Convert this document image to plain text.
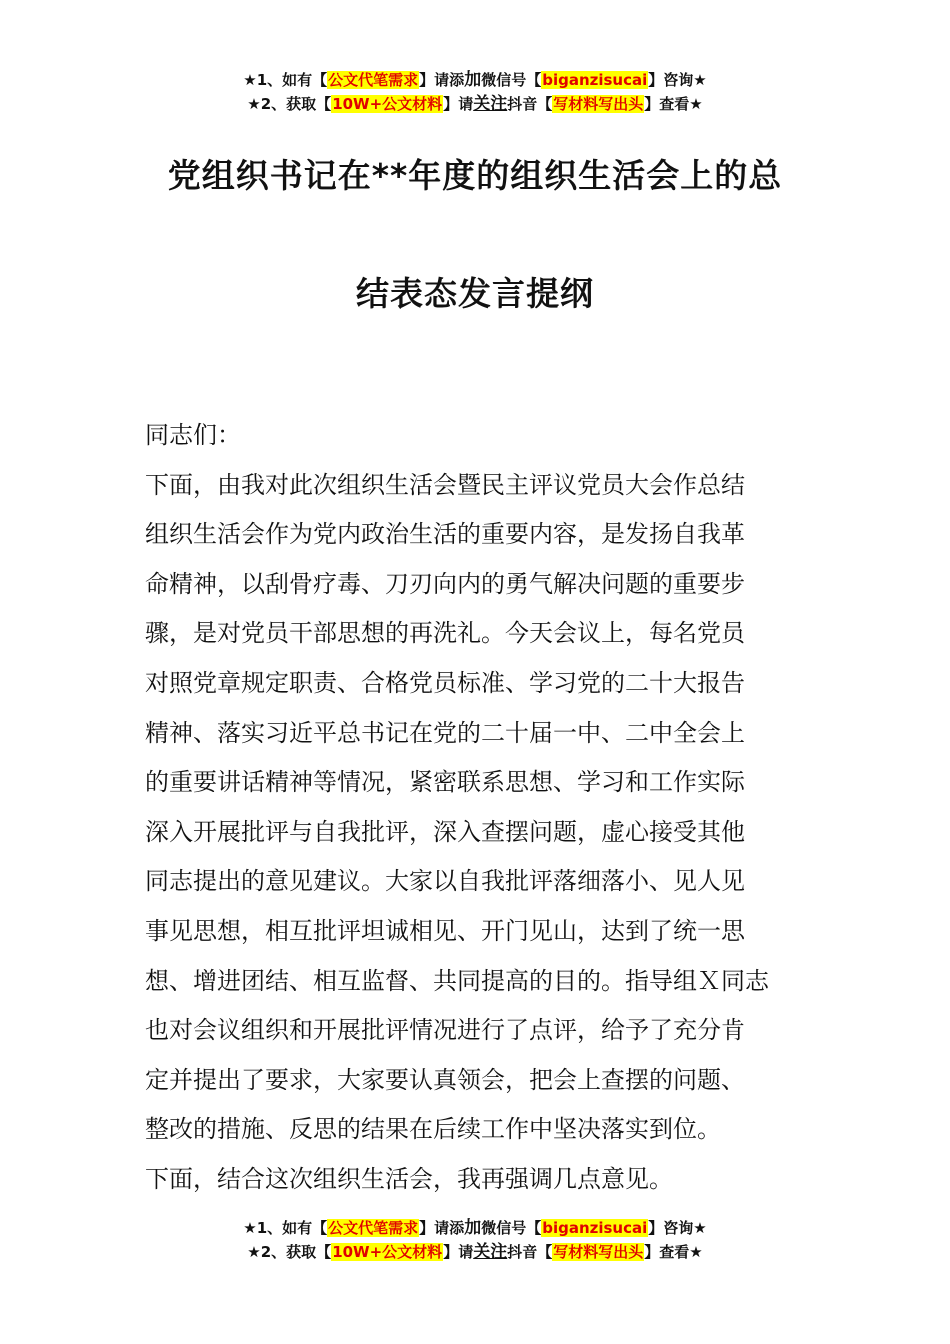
★1、如有【公文代笔需求】请添加微信号【biganzisucai】咨询★
★2、获取【10W+公文材料】请关注抖音【写材料写出头】查看★
党组织书记在**年度的组织生活会上的总
结表态发言提纲
同志们：
下面，由我对此次组织生活会暨民主评议党员大会作总结
组织生活会作为党内政治生活的重要内容，是发扬自我革
命精神，以刮骨疗毒、刀刃向内的勇气解决问题的重要步
骤，是对党员干部思想的再洗礼。今天会议上，每名党员
对照党章规定职责、合格党员标准、学习党的二十大报告
精神、落实习近平总书记在党的二十届一中、二中全会上
的重要讲话精神等情况，紧密联系思想、学习和工作实际
深入开展批评与自我批评，深入查摆问题，虚心接受其他
同志提出的意见建议。大家以自我批评落细落小、见人见
事见思想，相互批评坦诚相见、开门见山，达到了统一思
想、增进团结、相互监督、共同提高的目的。指导组Ｘ同志
也对会议组织和开展批评情况进行了点评，给予了充分肯
定并提出了要求，大家要认真领会，把会上查摆的问题、
整改的措施、反思的结果在后续工作中坚决落实到位。
下面，结合这次组织生活会，我再强调几点意见。
★1、如有【公文代笔需求】请添加微信号【biganzisucai】咨询★
★2、获取【10W+公文材料】请关注抖音【写材料写出头】查看★
